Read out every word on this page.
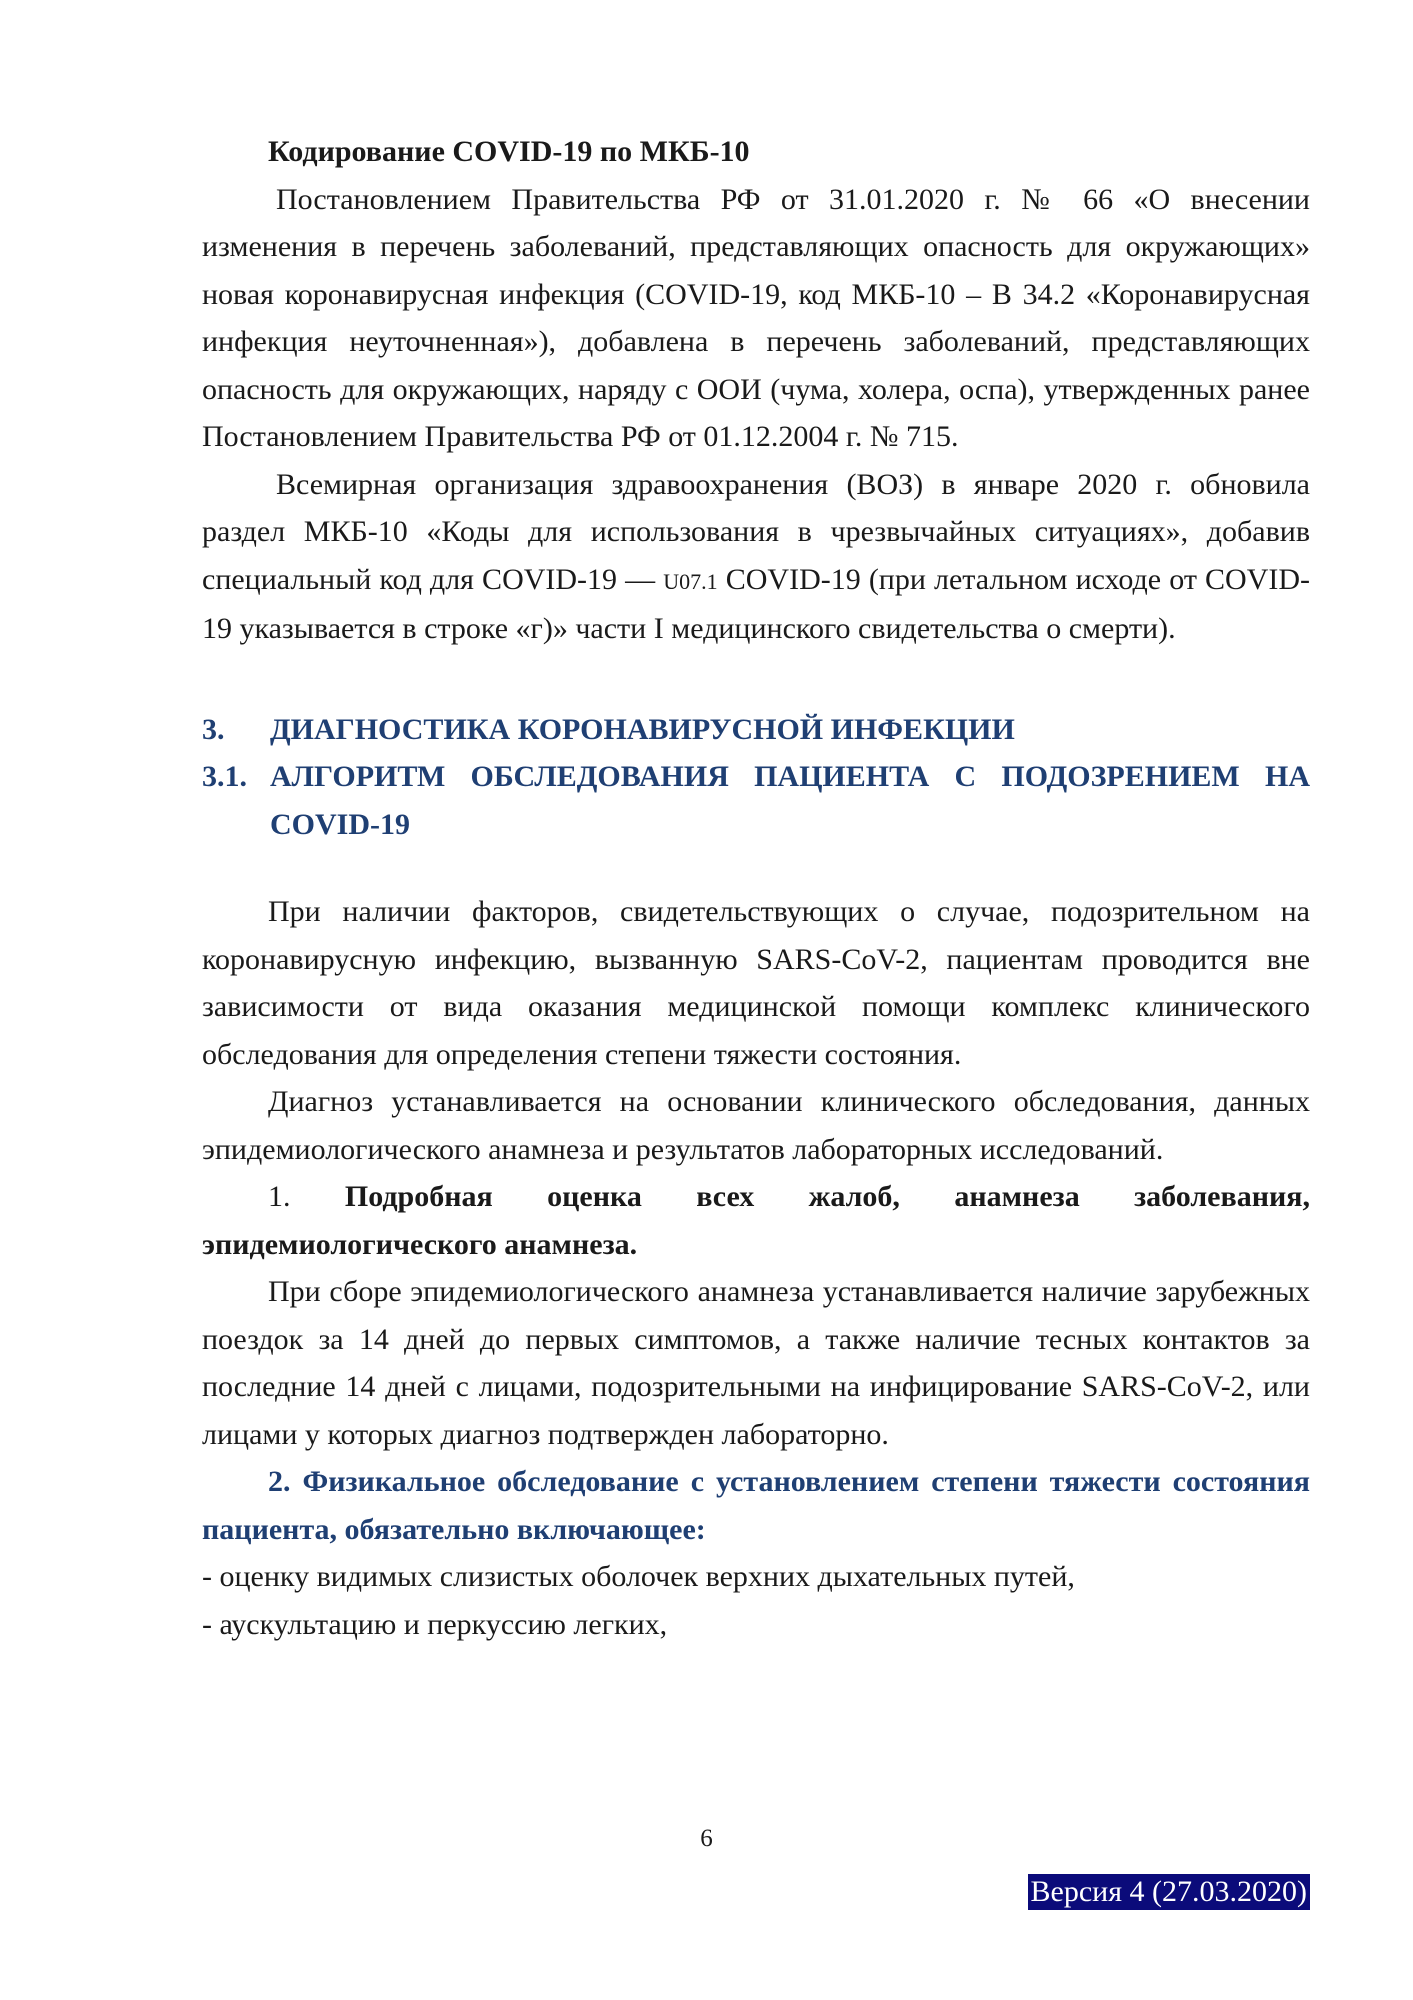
Кодирование COVID-19 по МКБ-10

Постановлением Правительства РФ от 31.01.2020 г. № 66 «О внесении изменения в перечень заболеваний, представляющих опасность для окружающих» новая коронавирусная инфекция (COVID-19, код МКБ-10 – B 34.2 «Коронавирусная инфекция неуточненная»), добавлена в перечень заболеваний, представляющих опасность для окружающих, наряду с ООИ (чума, холера, оспа), утвержденных ранее Постановлением Правительства РФ от 01.12.2004 г. № 715.

Всемирная организация здравоохранения (ВОЗ) в январе 2020 г. обновила раздел МКБ-10 «Коды для использования в чрезвычайных ситуациях», добавив специальный код для COVID-19 — U07.1 COVID-19 (при летальном исходе от COVID-19 указывается в строке «г)» части I медицинского свидетельства о смерти).

3.	ДИАГНОСТИКА КОРОНАВИРУСНОЙ ИНФЕКЦИИ
3.1. АЛГОРИТМ ОБСЛЕДОВАНИЯ ПАЦИЕНТА С ПОДОЗРЕНИЕМ НА COVID-19

При наличии факторов, свидетельствующих о случае, подозрительном на коронавирусную инфекцию, вызванную SARS-CoV-2, пациентам проводится вне зависимости от вида оказания медицинской помощи комплекс клинического обследования для определения степени тяжести состояния.

Диагноз устанавливается на основании клинического обследования, данных эпидемиологического анамнеза и результатов лабораторных исследований.

1. Подробная оценка всех жалоб, анамнеза заболевания, эпидемиологического анамнеза.

При сборе эпидемиологического анамнеза устанавливается наличие зарубежных поездок за 14 дней до первых симптомов, а также наличие тесных контактов за последние 14 дней с лицами, подозрительными на инфицирование SARS-CoV-2, или лицами у которых диагноз подтвержден лабораторно.

2. Физикальное обследование с установлением степени тяжести состояния пациента, обязательно включающее:

- оценку видимых слизистых оболочек верхних дыхательных путей,

- аускультацию и перкуссию легких,

6
Версия 4 (27.03.2020)
